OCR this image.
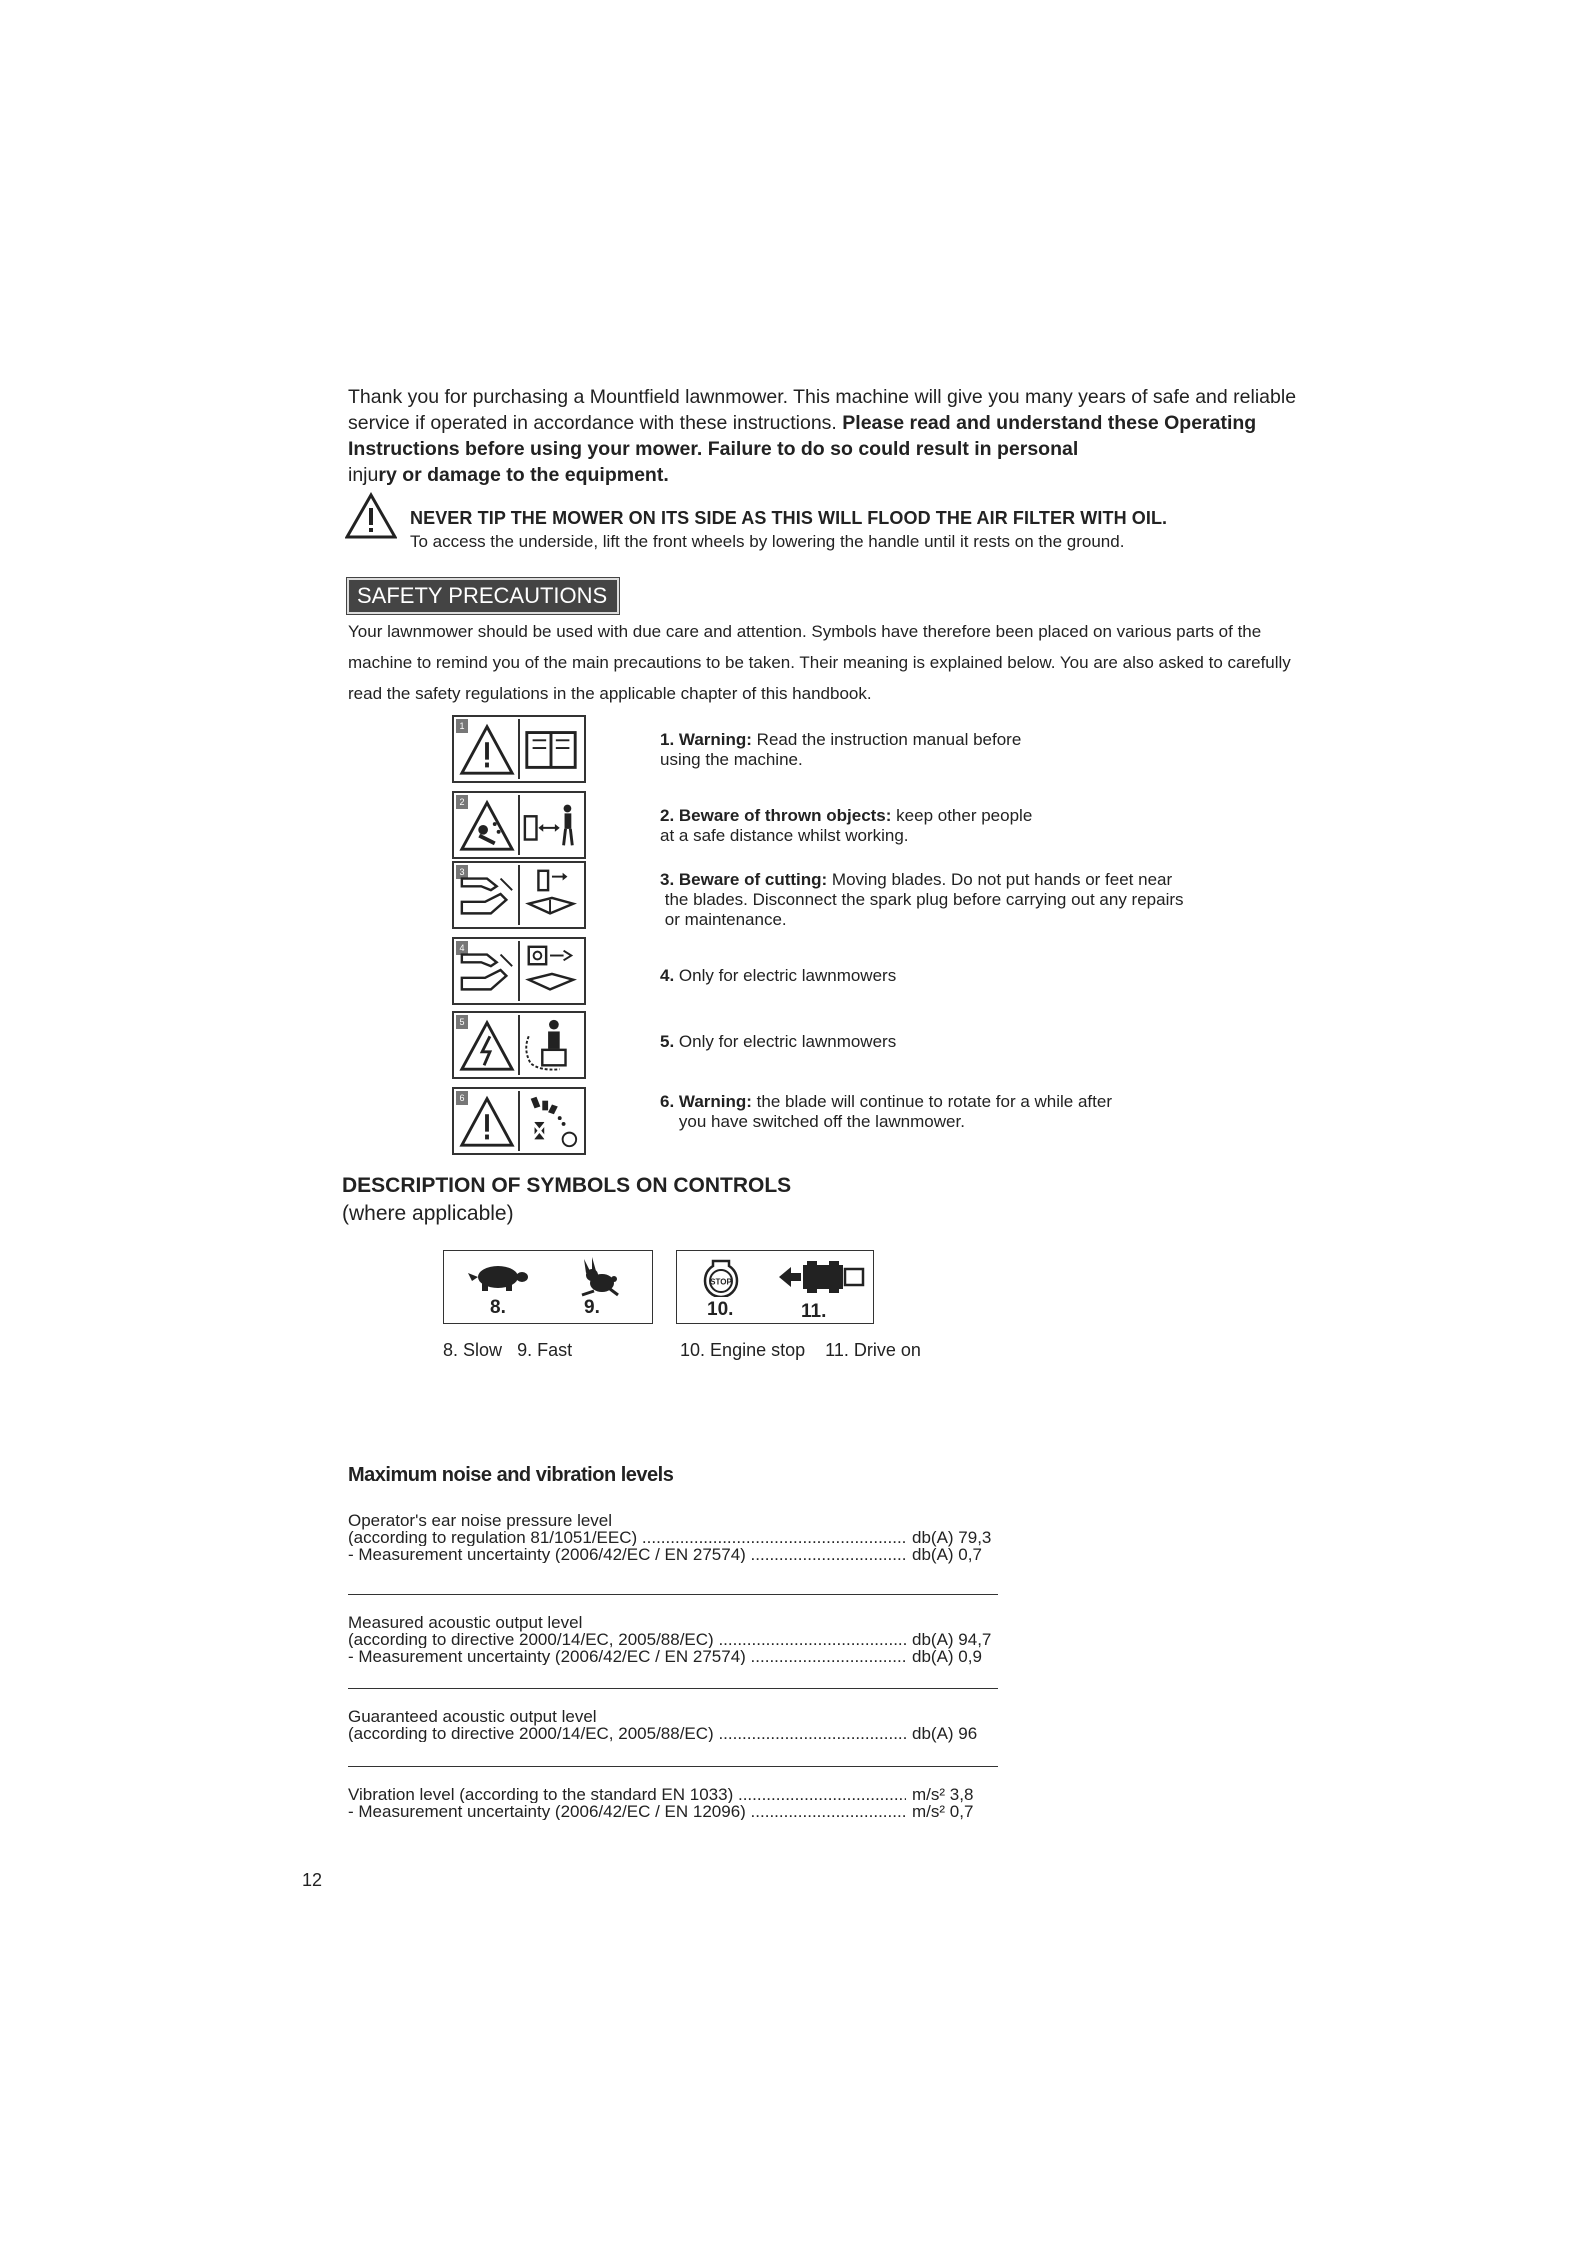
Thank you for purchasing a Mountfield lawnmower. This machine will give you many years of safe and reliable service if operated in accordance with these instructions. Please read and understand these Operating Instructions before using your mower. Failure to do so could result in personal
injury or damage to the equipment.
NEVER TIP THE MOWER ON ITS SIDE AS THIS WILL FLOOD THE AIR FILTER WITH OIL.
To access the underside, lift the front wheels by lowering the handle until it rests on the ground.
SAFETY PRECAUTIONS
Your lawnmower should be used with due care and attention. Symbols have therefore been placed on various parts of the machine to remind you of the main precautions to be taken. Their meaning is explained below. You are also asked to carefully read the safety regulations in the applicable chapter of this handbook.
1
2
3
4
5
6
1. Warning: Read the instruction manual before
using the machine.
2. Beware of thrown objects: keep other people
at a safe distance whilst working.
3. Beware of cutting: Moving blades. Do not put hands or feet near
the blades. Disconnect the spark plug before carrying out any repairs
or maintenance.
4. Only for electric lawnmowers
5. Only for electric lawnmowers
6. Warning: the blade will continue to rotate for a while after
you have switched off the lawnmower.
DESCRIPTION OF SYMBOLS ON CONTROLS
(where applicable)
8.	9.
STOP
10.	11.
8. Slow 9. Fast	10. Engine stop 11. Drive on
Maximum noise and vibration levels
Operator's ear noise pressure level
(according to regulation 81/1051/EEC) .....	db(A) 79,3
- Measurement uncertainty (2006/42/EC / EN 27574) .....	db(A) 0,7
Measured acoustic output level
(according to directive 2000/14/EC, 2005/88/EC) .....	db(A) 94,7
- Measurement uncertainty (2006/42/EC / EN 27574) .....	db(A) 0,9
Guaranteed acoustic output level
(according to directive 2000/14/EC, 2005/88/EC) .....	db(A) 96
Vibration level (according to the standard EN 1033) .....	m/s² 3,8
- Measurement uncertainty (2006/42/EC / EN 12096) .....	m/s² 0,7
12
